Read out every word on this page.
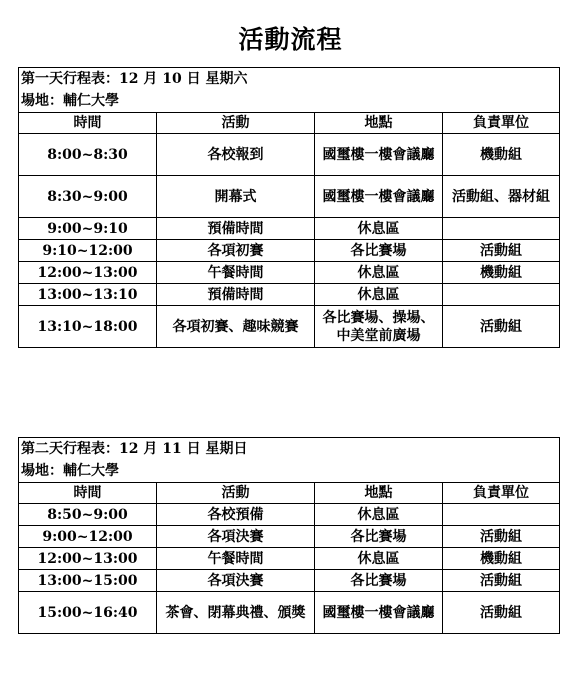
活動流程
第一天行程表：12 月 10 日 星期六			
場地：輔仁大學			
時間	活動	地點	負責單位
8:00~8:30	各校報到	國璽樓一樓會議廳	機動組
8:30~9:00	開幕式	國璽樓一樓會議廳	活動組、器材組
9:00~9:10	預備時間	休息區	
9:10~12:00	各項初賽	各比賽場	活動組
12:00~13:00	午餐時間	休息區	機動組
13:00~13:10	預備時間	休息區	
13:10~18:00	各項初賽、趣味競賽	各比賽場、操場、中美堂前廣場	活動組
第二天行程表：12 月 11 日 星期日			
場地：輔仁大學			
時間	活動	地點	負責單位
8:50~9:00	各校預備	休息區	
9:00~12:00	各項決賽	各比賽場	活動組
12:00~13:00	午餐時間	休息區	機動組
13:00~15:00	各項決賽	各比賽場	活動組
15:00~16:40	茶會、閉幕典禮、頒獎	國璽樓一樓會議廳	活動組
